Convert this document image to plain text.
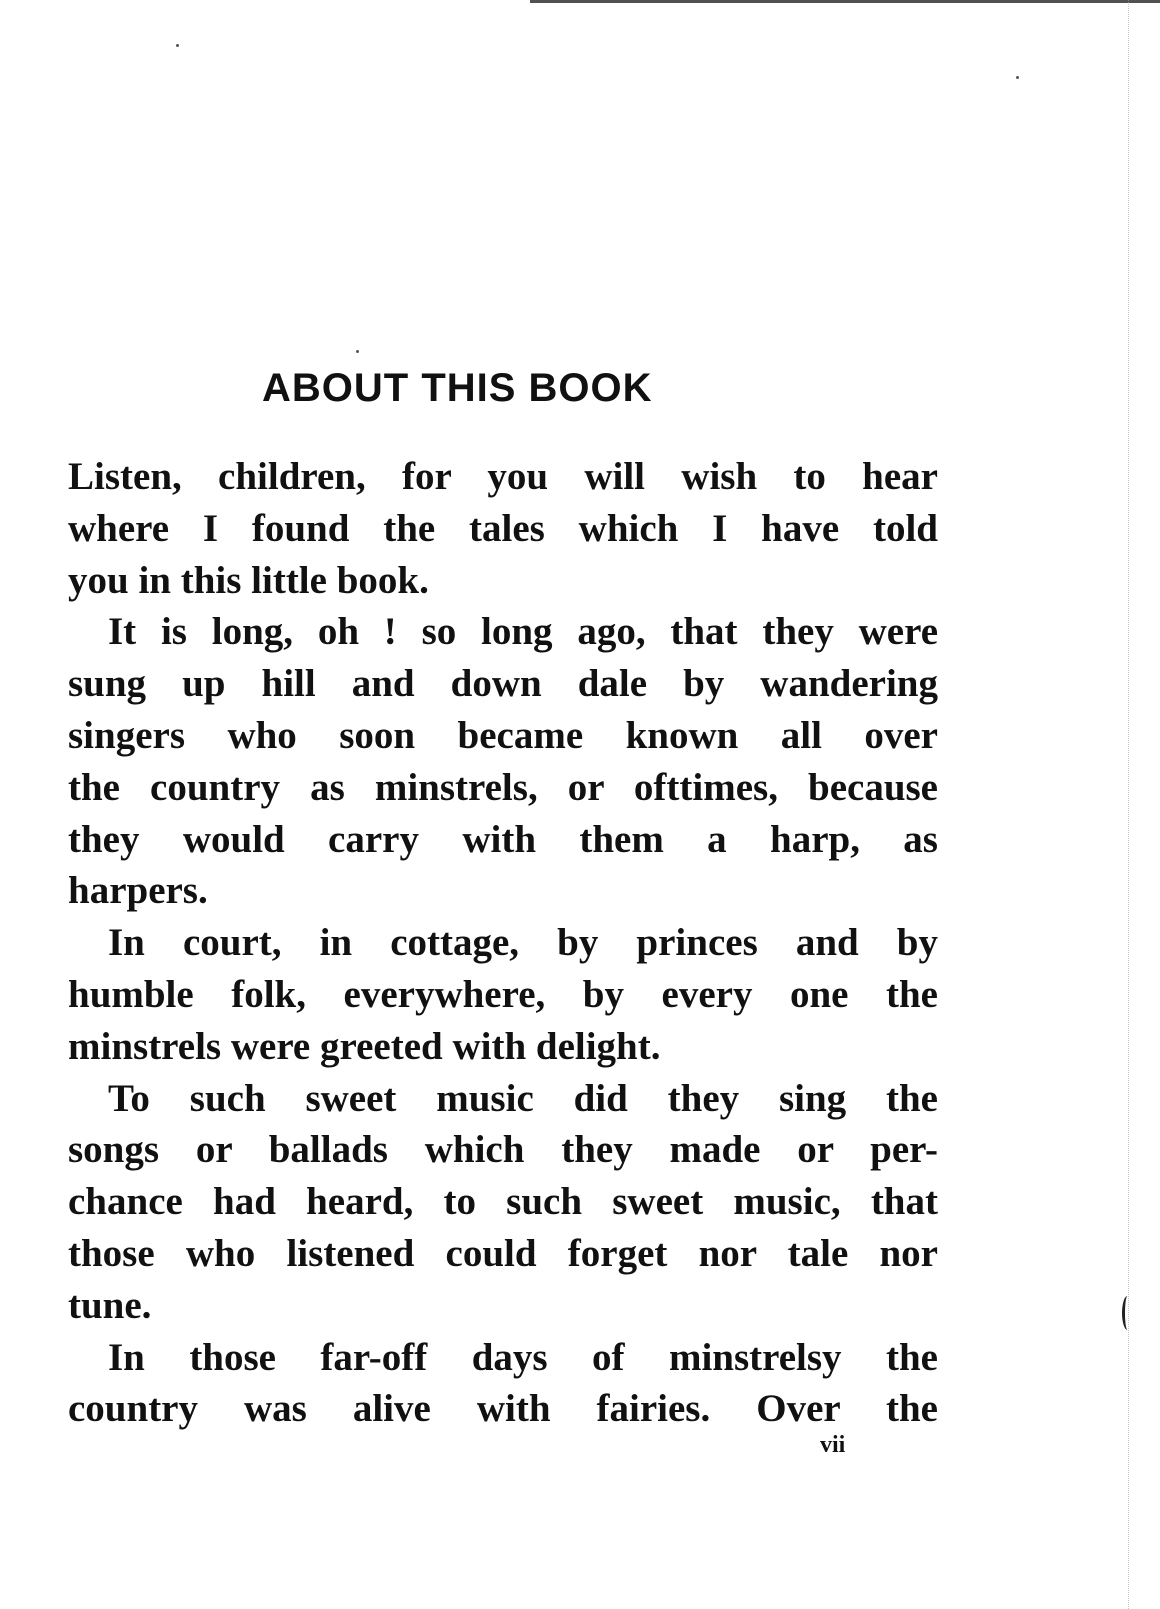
ABOUT THIS BOOK
Listen, children, for you will wish to hear
where I found the tales which I have told
you in this little book.
It is long, oh ! so long ago, that they were
sung up hill and down dale by wandering
singers who soon became known all over
the country as minstrels, or ofttimes, because
they would carry with them a harp, as
harpers.
In court, in cottage, by princes and by
humble folk, everywhere, by every one the
minstrels were greeted with delight.
To such sweet music did they sing the
songs or ballads which they made or per-
chance had heard, to such sweet music, that
those who listened could forget nor tale nor
tune.
In those far-off days of minstrelsy the
country was alive with fairies. Over the
vii
